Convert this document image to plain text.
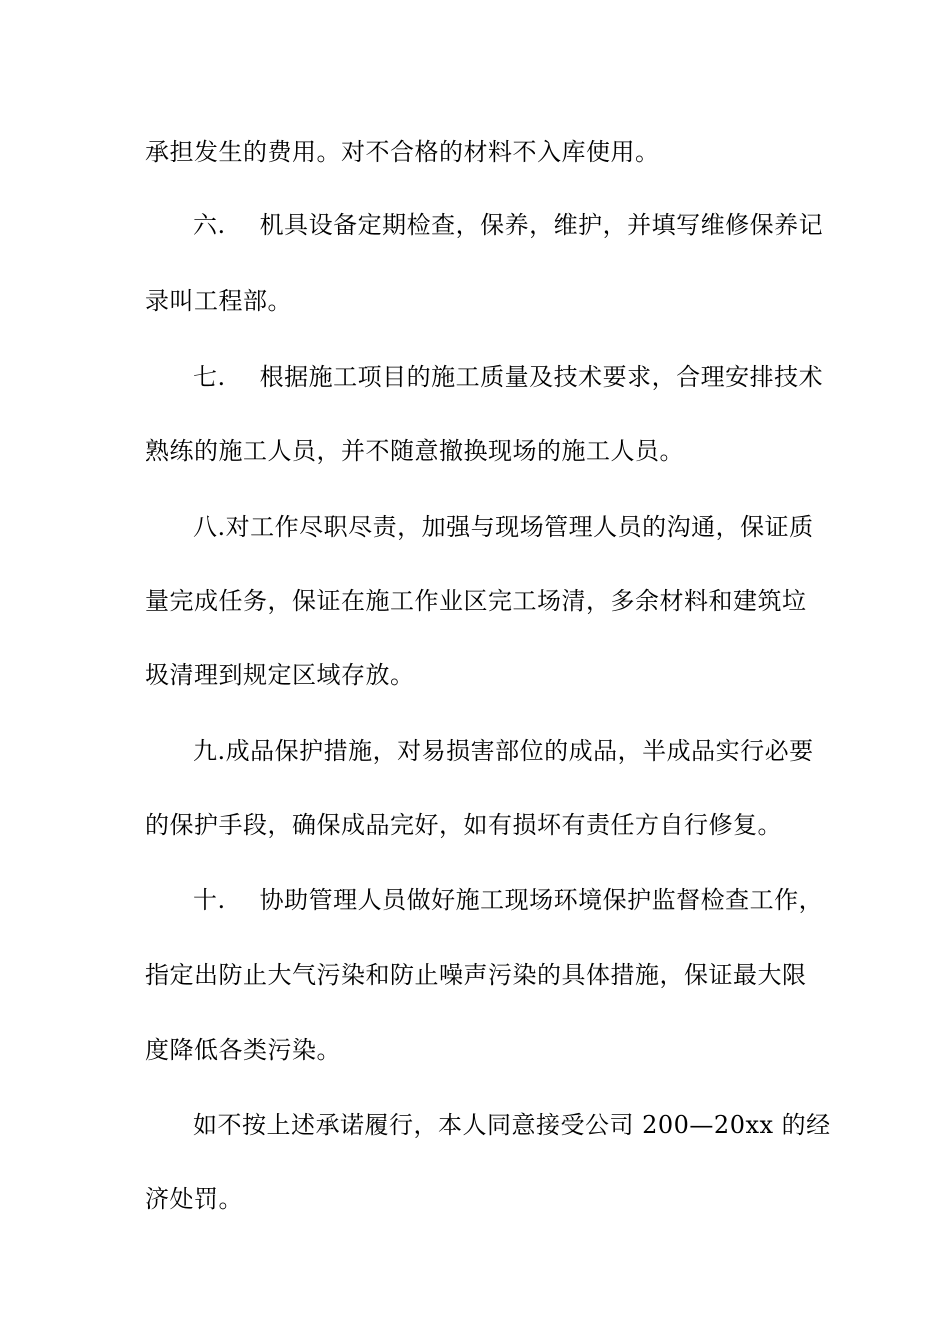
承担发生的费用。对不合格的材料不入库使用。
六. 机具设备定期检查，保养，维护，并填写维修保养记
录叫工程部。
七. 根据施工项目的施工质量及技术要求，合理安排技术
熟练的施工人员，并不随意撤换现场的施工人员。
八.对工作尽职尽责，加强与现场管理人员的沟通，保证质
量完成任务，保证在施工作业区完工场清，多余材料和建筑垃
圾清理到规定区域存放。
九.成品保护措施，对易损害部位的成品，半成品实行必要
的保护手段，确保成品完好，如有损坏有责任方自行修复。
十. 协助管理人员做好施工现场环境保护监督检查工作，
指定出防止大气污染和防止噪声污染的具体措施，保证最大限
度降低各类污染。
如不按上述承诺履行，本人同意接受公司 200—20xx 的经
济处罚。
